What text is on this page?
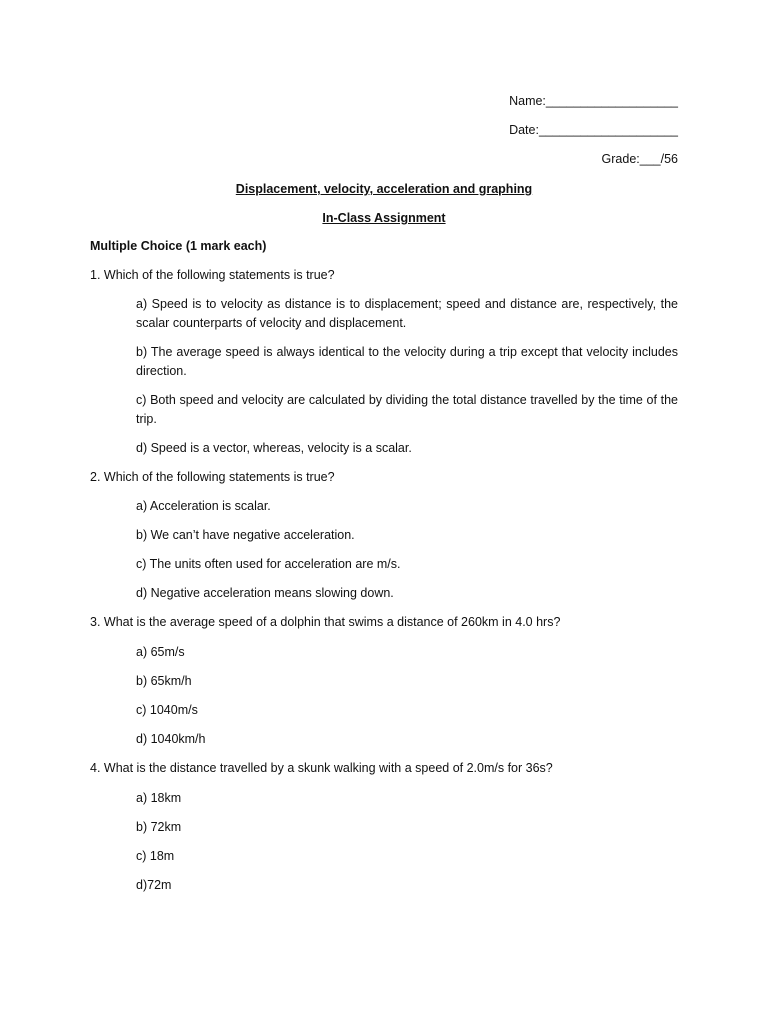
Name:___________________
Date:____________________
Grade:___/56
Displacement, velocity, acceleration and graphing
In-Class Assignment
Multiple Choice (1 mark each)
1. Which of the following statements is true?
a) Speed is to velocity as distance is to displacement; speed and distance are, respectively, the scalar counterparts of velocity and displacement.
b) The average speed is always identical to the velocity during a trip except that velocity includes direction.
c) Both speed and velocity are calculated by dividing the total distance travelled by the time of the trip.
d) Speed is a vector, whereas, velocity is a scalar.
2. Which of the following statements is true?
a) Acceleration is scalar.
b) We can’t have negative acceleration.
c) The units often used for acceleration are m/s.
d) Negative acceleration means slowing down.
3. What is the average speed of a dolphin that swims a distance of 260km in 4.0 hrs?
a) 65m/s
b) 65km/h
c) 1040m/s
d) 1040km/h
4. What is the distance travelled by a skunk walking with a speed of 2.0m/s for 36s?
a) 18km
b) 72km
c) 18m
d)72m
